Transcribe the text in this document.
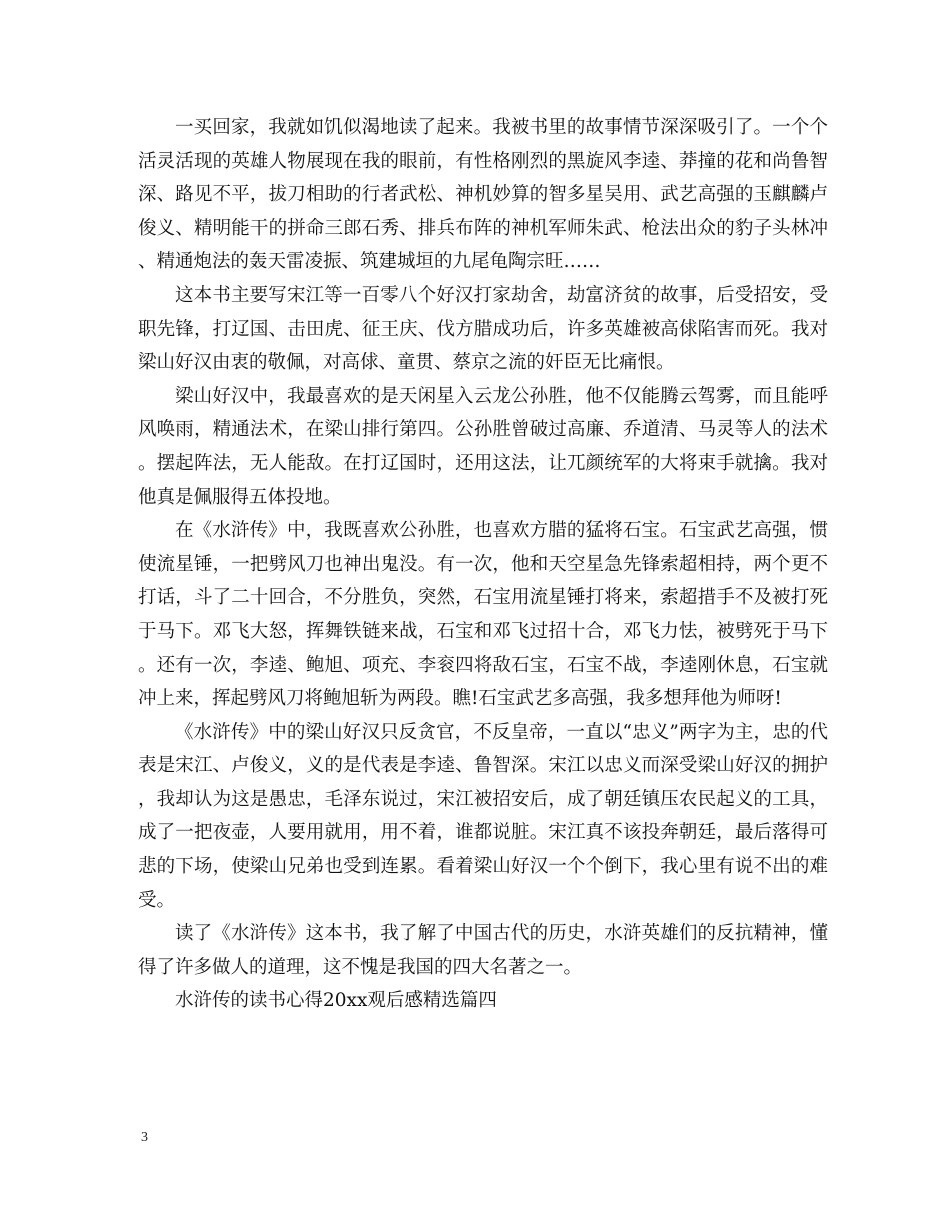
一买回家，我就如饥似渴地读了起来。我被书里的故事情节深深吸引了。一个个活灵活现的英雄人物展现在我的眼前，有性格刚烈的黑旋风李逵、莽撞的花和尚鲁智深、路见不平，拔刀相助的行者武松、神机妙算的智多星吴用、武艺高强的玉麒麟卢俊义、精明能干的拼命三郎石秀、排兵布阵的神机军师朱武、枪法出众的豹子头林冲、精通炮法的轰天雷凌振、筑建城垣的九尾龟陶宗旺……

这本书主要写宋江等一百零八个好汉打家劫舍，劫富济贫的故事，后受招安，受职先锋，打辽国、击田虎、征王庆、伐方腊成功后，许多英雄被高俅陷害而死。我对梁山好汉由衷的敬佩，对高俅、童贯、蔡京之流的奸臣无比痛恨。

梁山好汉中，我最喜欢的是天闲星入云龙公孙胜，他不仅能腾云驾雾，而且能呼风唤雨，精通法术，在梁山排行第四。公孙胜曾破过高廉、乔道清、马灵等人的法术。摆起阵法，无人能敌。在打辽国时，还用这法，让兀颜统军的大将束手就擒。我对他真是佩服得五体投地。

在《水浒传》中，我既喜欢公孙胜，也喜欢方腊的猛将石宝。石宝武艺高强，惯使流星锤，一把劈风刀也神出鬼没。有一次，他和天空星急先锋索超相持，两个更不打话，斗了二十回合，不分胜负，突然，石宝用流星锤打将来，索超措手不及被打死于马下。邓飞大怒，挥舞铁链来战，石宝和邓飞过招十合，邓飞力怯，被劈死于马下。还有一次，李逵、鲍旭、项充、李衮四将敌石宝，石宝不战，李逵刚休息，石宝就冲上来，挥起劈风刀将鲍旭斩为两段。瞧!石宝武艺多高强，我多想拜他为师呀!

《水浒传》中的梁山好汉只反贪官，不反皇帝，一直以“忠义”两字为主，忠的代表是宋江、卢俊义，义的是代表是李逵、鲁智深。宋江以忠义而深受梁山好汉的拥护，我却认为这是愚忠，毛泽东说过，宋江被招安后，成了朝廷镇压农民起义的工具，成了一把夜壶，人要用就用，用不着，谁都说脏。宋江真不该投奔朝廷，最后落得可悲的下场，使梁山兄弟也受到连累。看着梁山好汉一个个倒下，我心里有说不出的难受。

读了《水浒传》这本书，我了解了中国古代的历史，水浒英雄们的反抗精神，懂得了许多做人的道理，这不愧是我国的四大名著之一。

水浒传的读书心得20xx观后感精选篇四

3
